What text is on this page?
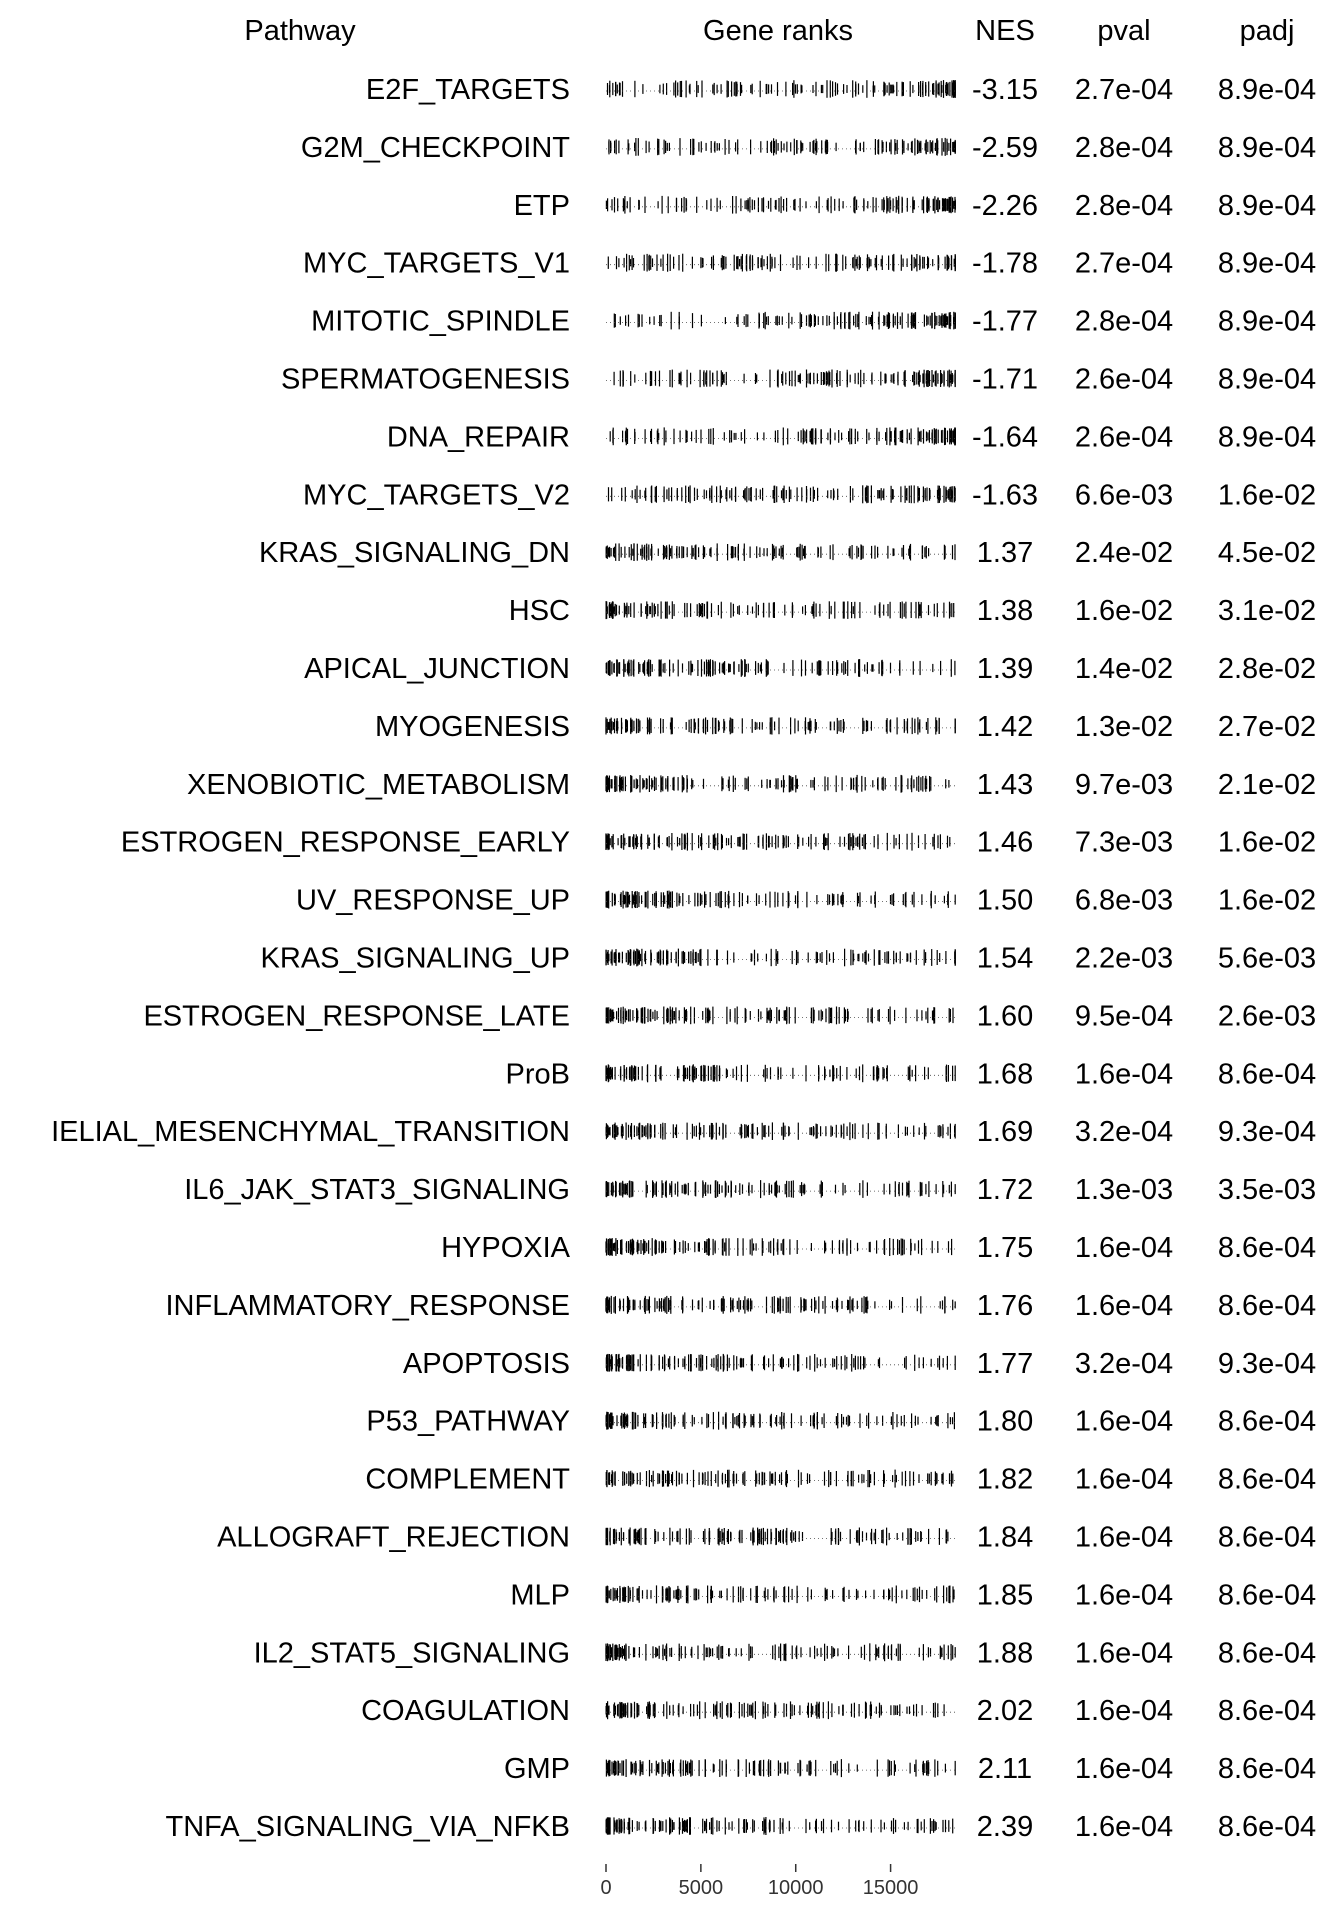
Pathway	Gene ranks	NES pval	padj
E2F_TARGETS	-3.15 2.7e-04 8.9e-04
G2M_CHECKPOINT	-2.59 2.8e-04 8.9e-04
ETP	-2.26 2.8e-04 8.9e-04
MYC_TARGETS_V1	-1.78 2.7e-04 8.9e-04
MITOTIC_SPINDLE	-1.77 2.8e-04 8.9e-04
SPERMATOGENESIS	-1.71 2.6e-04 8.9e-04
DNA_REPAIR	-1.64 2.6e-04 8.9e-04
MYC_TARGETS_V2	-1.63 6.6e-03 1.6e-02
KRAS_SIGNALING_DN	1.37 2.4e-02 4.5e-02
HSC	1.38 1.6e-02 3.1e-02
APICAL_JUNCTION	1.39 1.4e-02 2.8e-02
MYOGENESIS	1.42 1.3e-02 2.7e-02
XENOBIOTIC_METABOLISM	1.43 9.7e-03 2.1e-02
ESTROGEN_RESPONSE_EARLY	1.46 7.3e-03 1.6e-02
UV_RESPONSE_UP	1.50 6.8e-03 1.6e-02
KRAS_SIGNALING_UP	1.54 2.2e-03 5.6e-03
ESTROGEN_RESPONSE_LATE	1.60 9.5e-04 2.6e-03
ProB	1.68 1.6e-04 8.6e-04
IELIAL_MESENCHYMAL_TRANSITION	1.69 3.2e-04 9.3e-04
IL6_JAK_STAT3_SIGNALING	1.72 1.3e-03 3.5e-03
HYPOXIA	1.75 1.6e-04 8.6e-04
INFLAMMATORY_RESPONSE	1.76 1.6e-04 8.6e-04
APOPTOSIS	1.77 3.2e-04 9.3e-04
P53_PATHWAY	1.80 1.6e-04 8.6e-04
COMPLEMENT	1.82 1.6e-04 8.6e-04
ALLOGRAFT_REJECTION	1.84 1.6e-04 8.6e-04
MLP	1.85 1.6e-04 8.6e-04
IL2_STAT5_SIGNALING	1.88 1.6e-04 8.6e-04
COAGULATION	2.02 1.6e-04 8.6e-04
GMP	2.11 1.6e-04 8.6e-04
TNFA_SIGNALING_VIA_NFKB	2.39 1.6e-04 8.6e-04
0	5000 10000 15000
